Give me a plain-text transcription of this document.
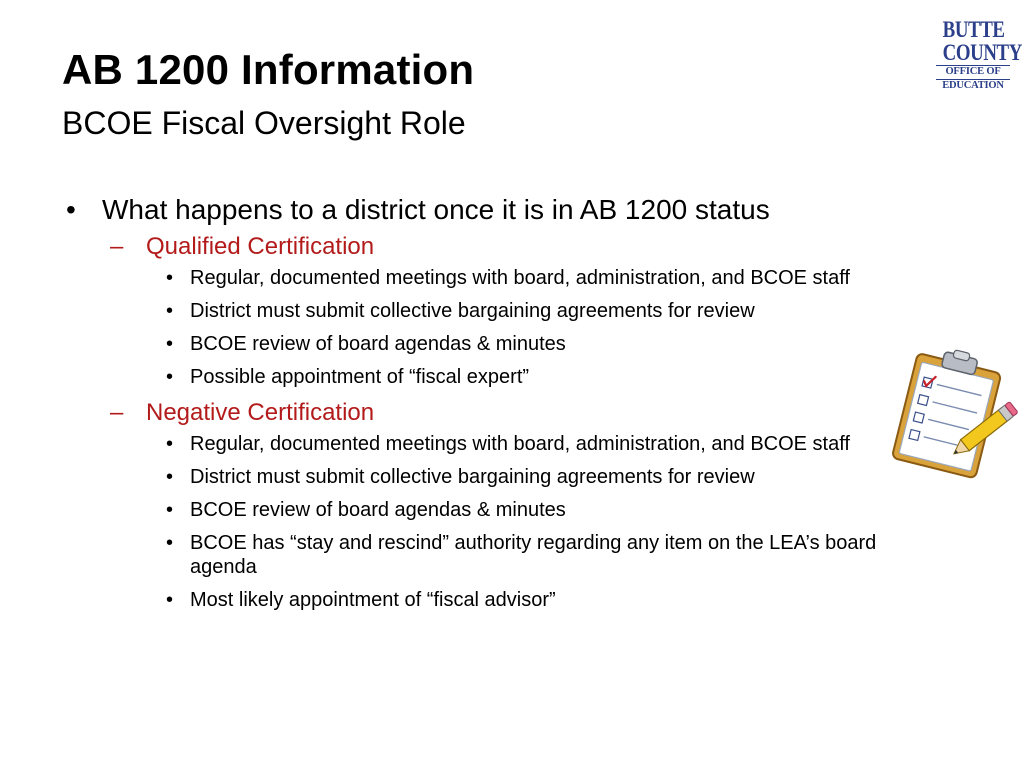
AB 1200 Information
BCOE Fiscal Oversight Role
BUTTE
COUNTY
OFFICE OF
EDUCATION
• What happens to a district once it is in AB 1200 status
– Qualified Certification
• Regular, documented meetings with board, administration, and BCOE staff
• District must submit collective bargaining agreements for review
• BCOE review of board agendas & minutes
• Possible appointment of “fiscal expert”
– Negative Certification
• Regular, documented meetings with board, administration, and BCOE staff
• District must submit collective bargaining agreements for review
• BCOE review of board agendas & minutes
• BCOE has “stay and rescind” authority regarding any item on the LEA’s board agenda
• Most likely appointment of “fiscal advisor”
